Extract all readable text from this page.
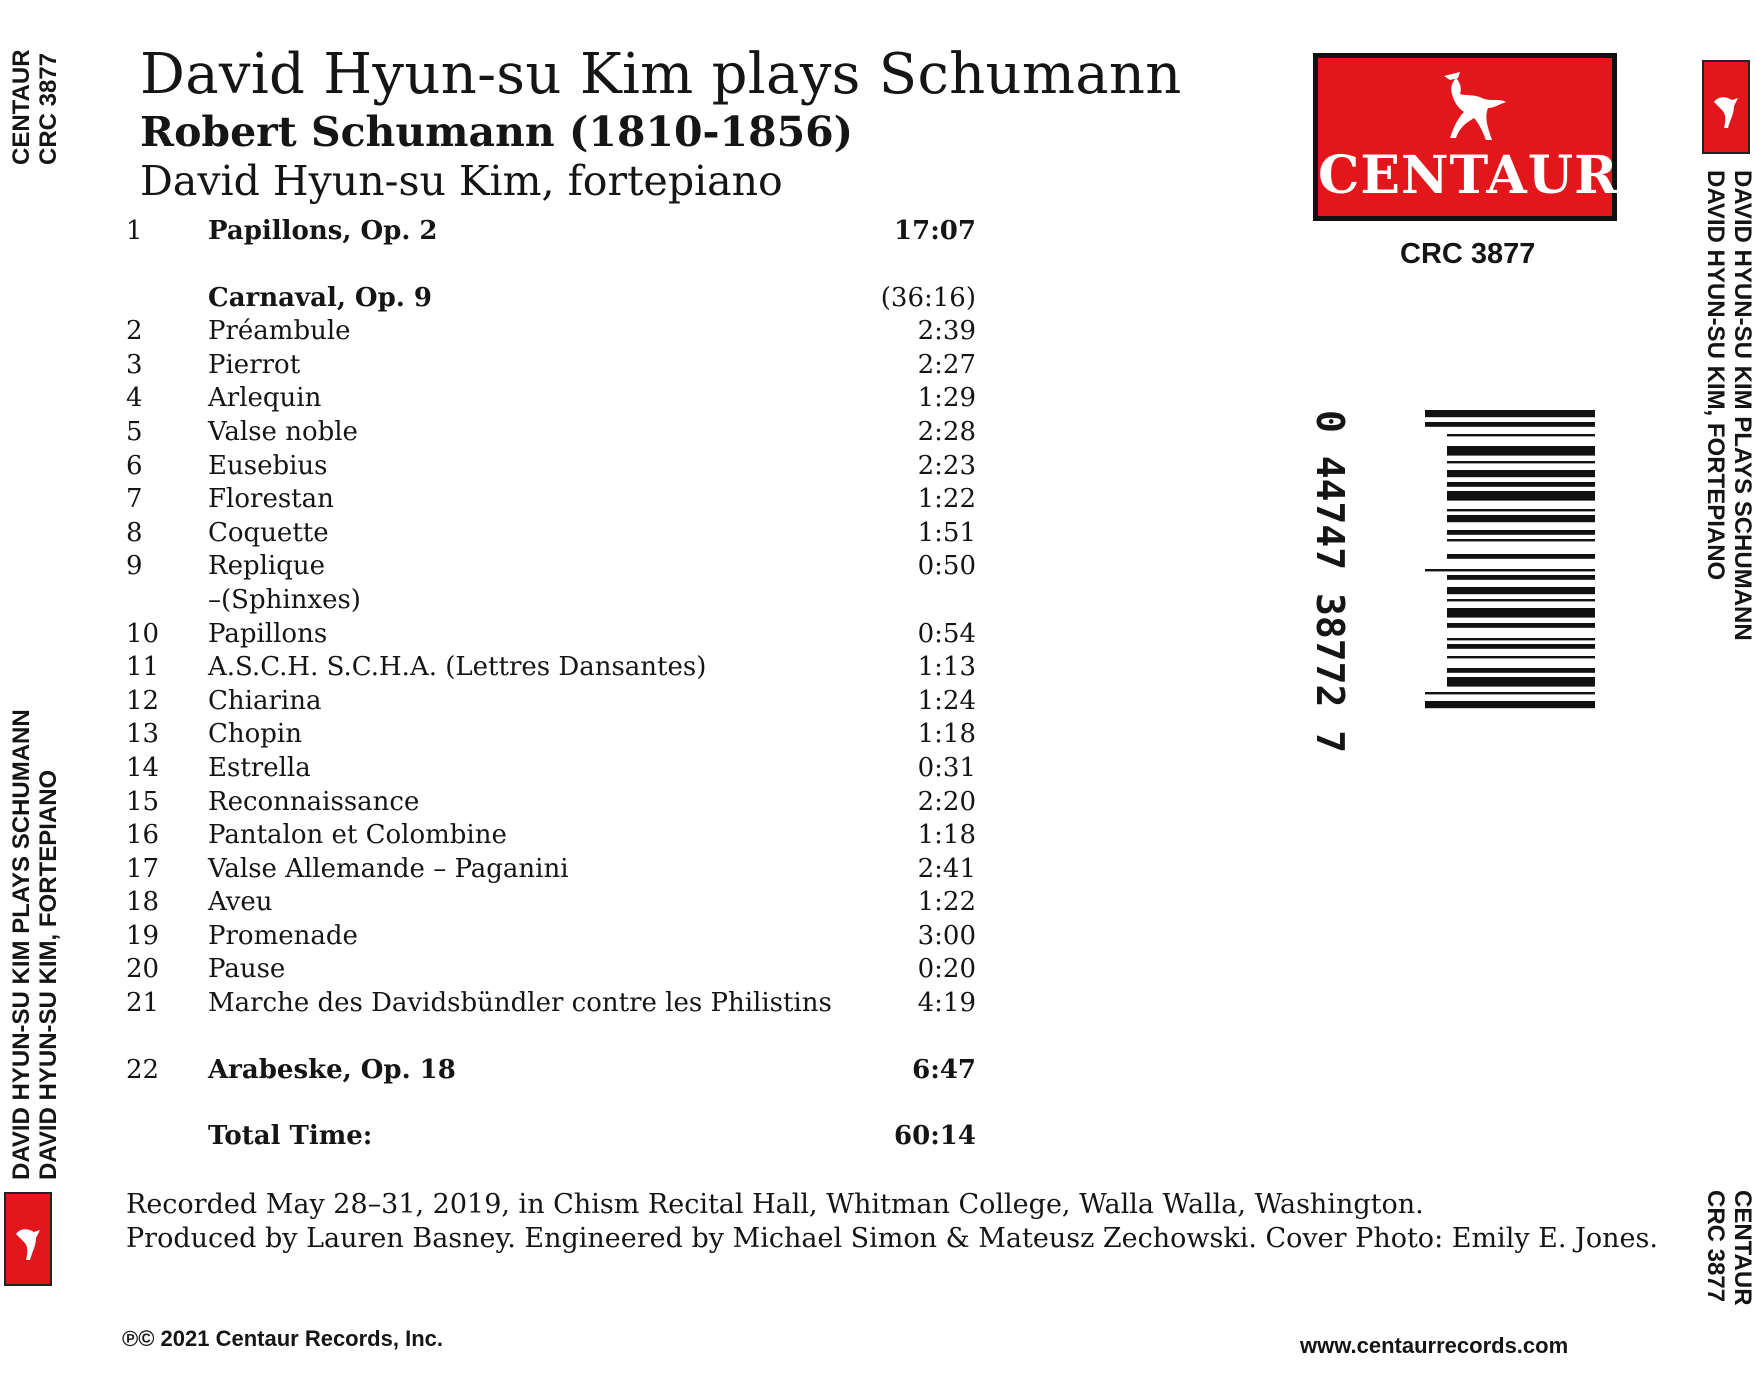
David Hyun-su Kim plays Schumann
Robert Schumann (1810-1856)
David Hyun-su Kim, fortepiano
1	Papillons, Op. 2	17:07
Carnaval, Op. 9	(36:16)
2	Préambule	2:39
3	Pierrot	2:27
4	Arlequin	1:29
5	Valse noble	2:28
6	Eusebius	2:23
7	Florestan	1:22
8	Coquette	1:51
9	Replique	0:50
–(Sphinxes)
10 Papillons	0:54
11 A.S.C.H. S.C.H.A. (Lettres Dansantes)	1:13
12 Chiarina	1:24
13 Chopin	1:18
14 Estrella	0:31
15 Reconnaissance	2:20
16 Pantalon et Colombine	1:18
17 Valse Allemande – Paganini	2:41
18 Aveu	1:22
19 Promenade	3:00
20 Pause	0:20
21 Marche des Davidsbündler contre les Philistins	4:19
22 Arabeske, Op. 18	6:47
Total Time:	60:14
Recorded May 28–31, 2019, in Chism Recital Hall, Whitman College, Walla Walla, Washington.
Produced by Lauren Basney. Engineered by Michael Simon & Mateusz Zechowski. Cover Photo: Emily E. Jones.
℗© 2021 Centaur Records, Inc.	www.centaurrecords.com
CENTAUR
CRC 3877
0 44747 38772 7
CENTAUR CRC 3877
DAVID HYUN-SU KIM PLAYS SCHUMANN DAVID HYUN-SU KIM, FORTEPIANO
DAVID HYUN-SU KIM PLAYS SCHUMANN
DAVID HYUN-SU KIM, FORTEPIANO
CENTAUR
CRC 3877
